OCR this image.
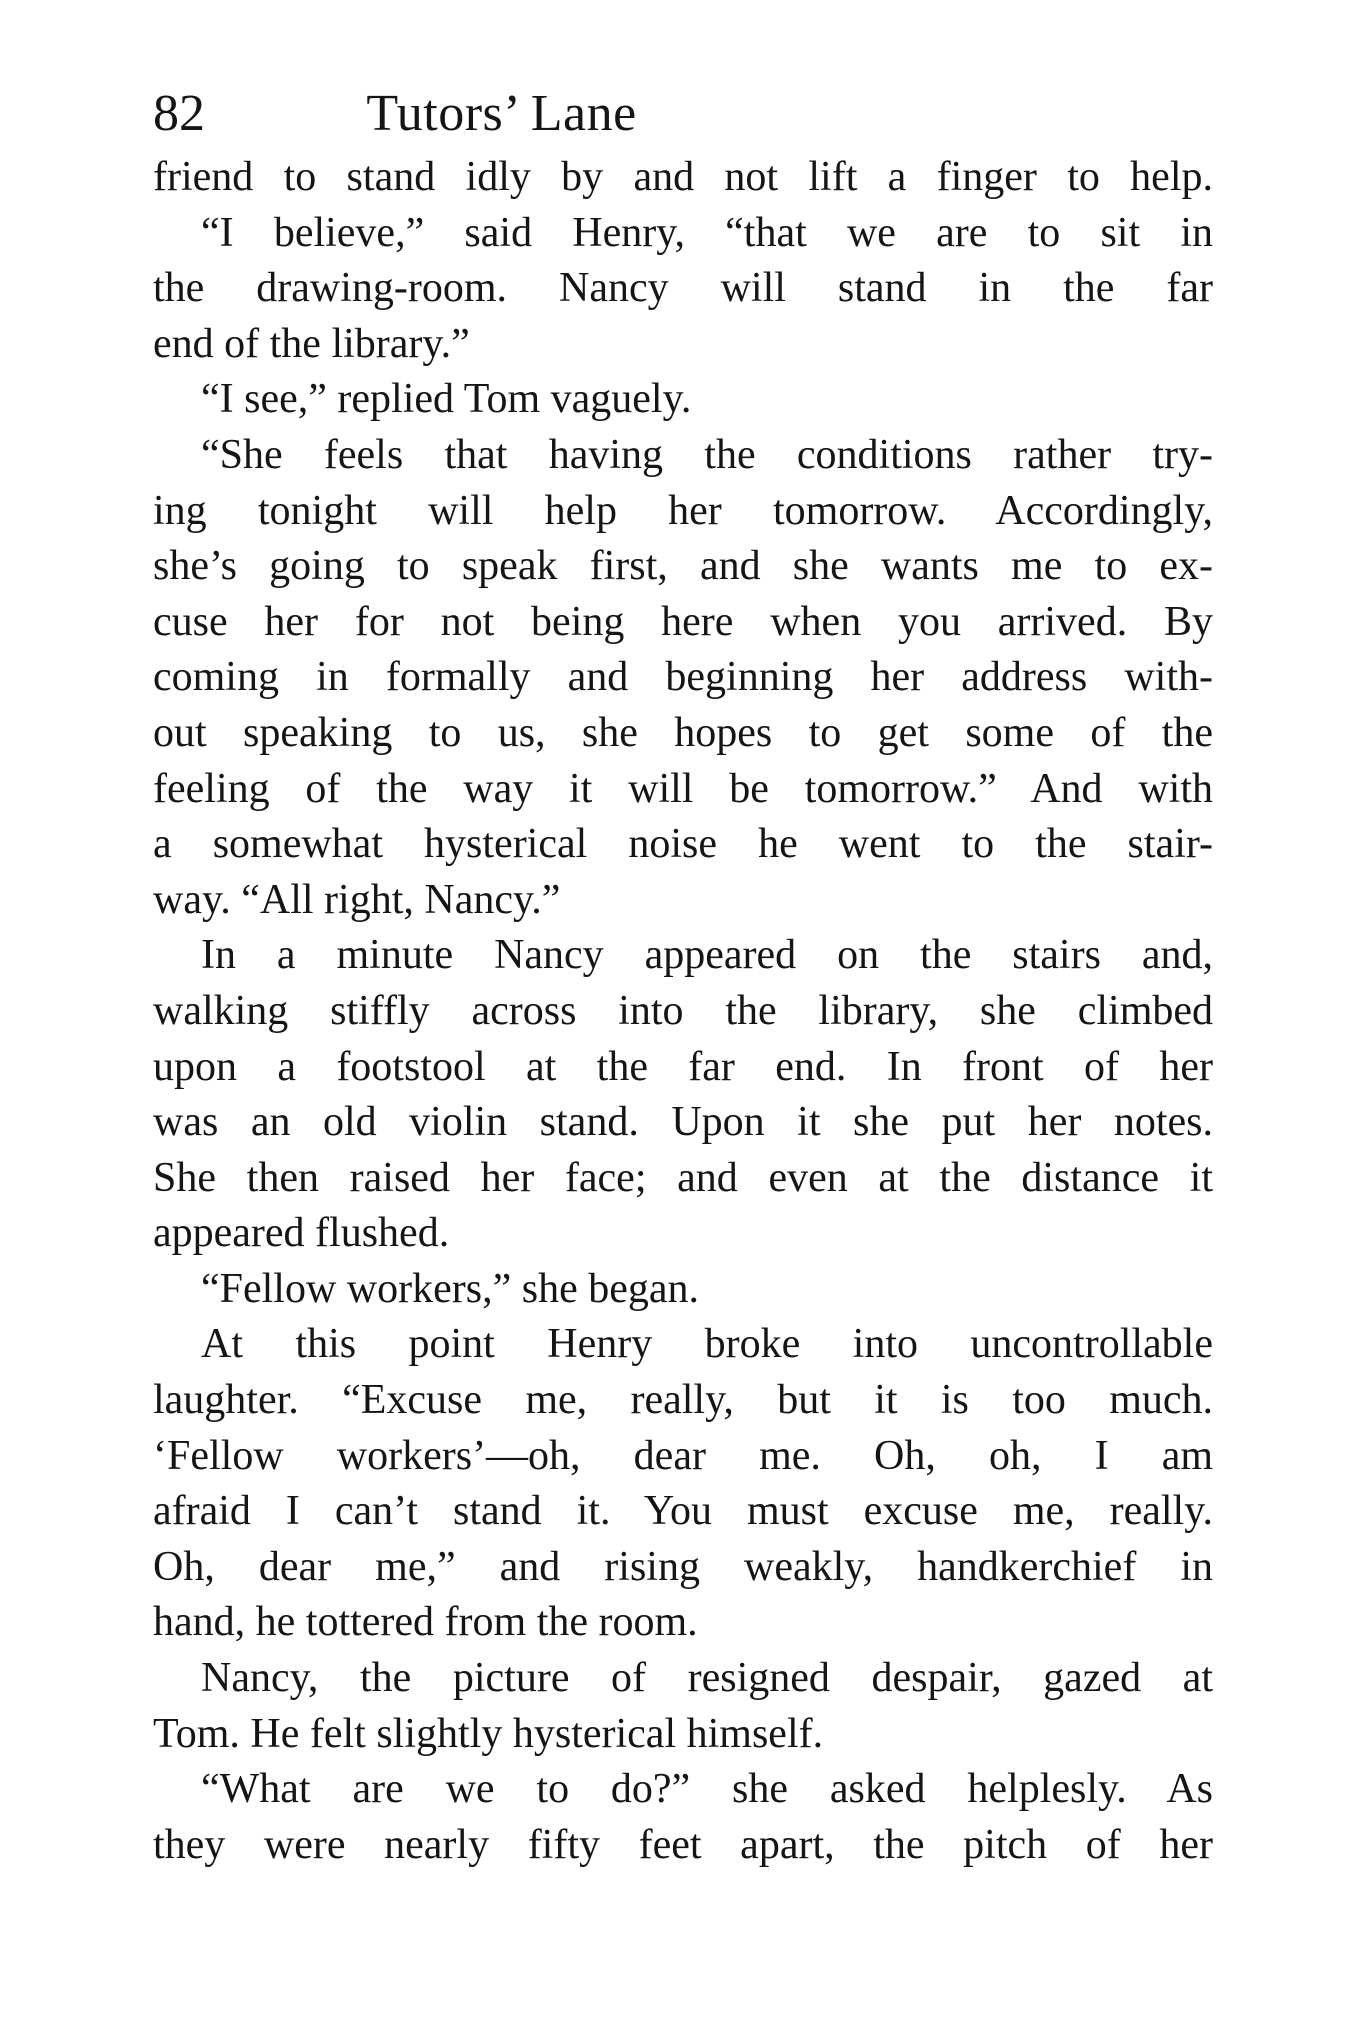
82	Tutors’ Lane
friend to stand idly by and not lift a finger to help.
“I believe,” said Henry, “that we are to sit in
the drawing-room. Nancy will stand in the far
end of the library.”
“I see,” replied Tom vaguely.
“She feels that having the conditions rather try-
ing tonight will help her tomorrow. Accordingly,
she’s going to speak first, and she wants me to ex-
cuse her for not being here when you arrived. By
coming in formally and beginning her address with-
out speaking to us, she hopes to get some of the
feeling of the way it will be tomorrow.” And with
a somewhat hysterical noise he went to the stair-
way. “All right, Nancy.”
In a minute Nancy appeared on the stairs and,
walking stiffly across into the library, she climbed
upon a footstool at the far end. In front of her
was an old violin stand. Upon it she put her notes.
She then raised her face; and even at the distance it
appeared flushed.
“Fellow workers,” she began.
At this point Henry broke into uncontrollable
laughter. “Excuse me, really, but it is too much.
‘Fellow workers’—oh, dear me. Oh, oh, I am
afraid I can’t stand it. You must excuse me, really.
Oh, dear me,” and rising weakly, handkerchief in
hand, he tottered from the room.
Nancy, the picture of resigned despair, gazed at
Tom. He felt slightly hysterical himself.
“What are we to do?” she asked helplesly. As
they were nearly fifty feet apart, the pitch of her
